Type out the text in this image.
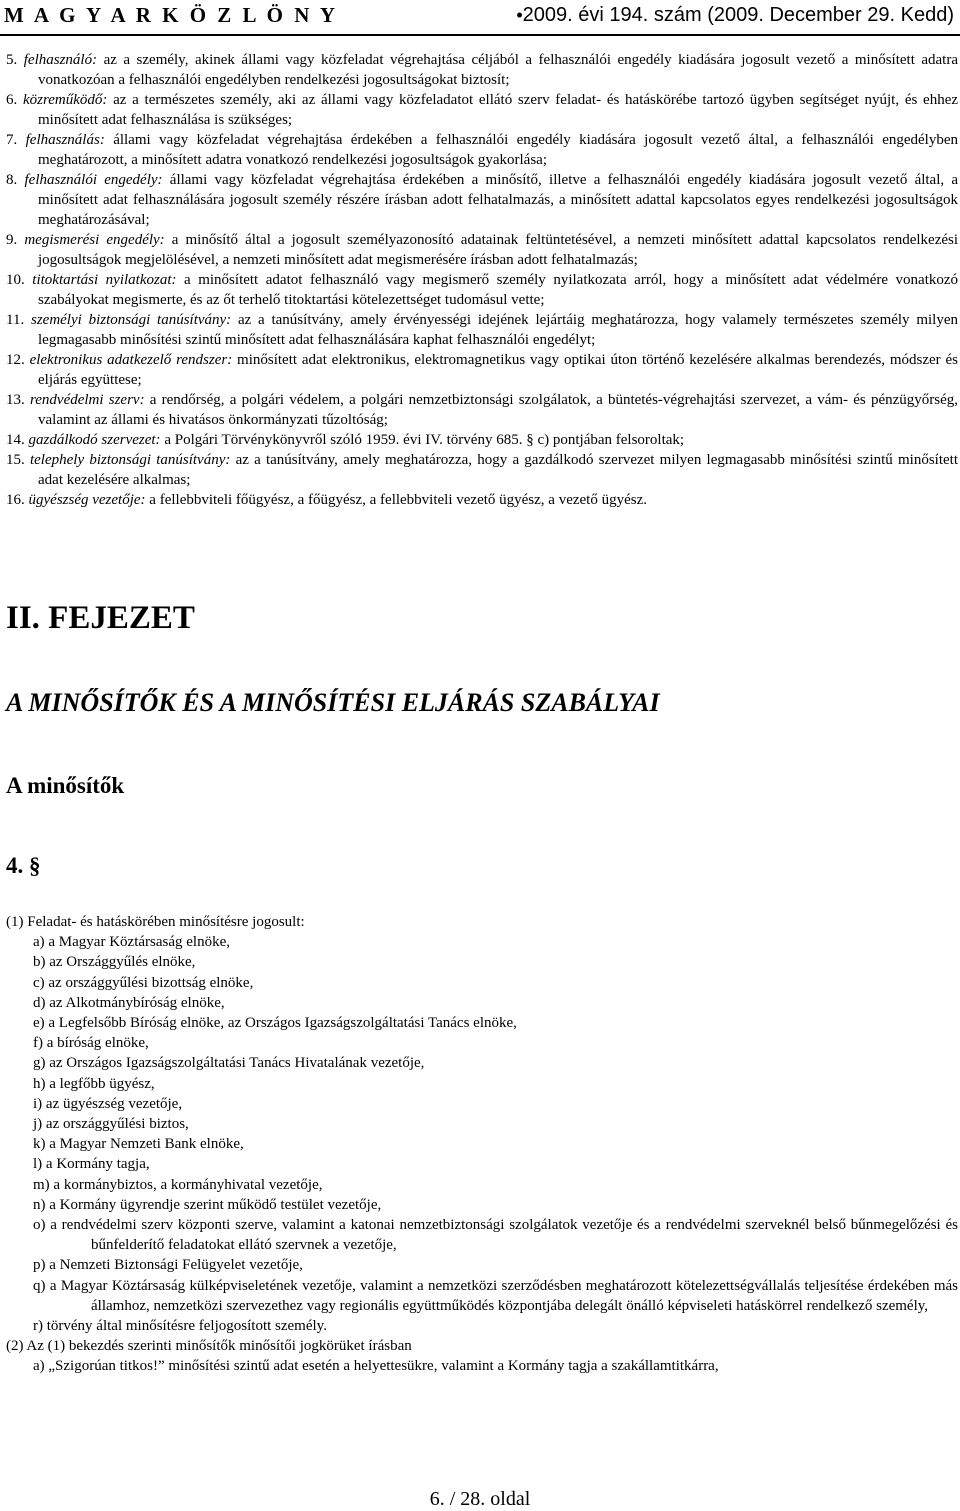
M A G Y A R K Ö Z L Ö N Y	•2009. évi 194. szám (2009. December 29. Kedd)

5. felhasználó: az a személy, akinek állami vagy közfeladat végrehajtása céljából a felhasználói engedély kiadására jogosult vezető a minősített adatra vonatkozóan a felhasználói engedélyben rendelkezési jogosultságokat biztosít;

6. közreműködő: az a természetes személy, aki az állami vagy közfeladatot ellátó szerv feladat- és hatáskörébe tartozó ügyben segítséget nyújt, és ehhez minősített adat felhasználása is szükséges;

7. felhasználás: állami vagy közfeladat végrehajtása érdekében a felhasználói engedély kiadására jogosult vezető által, a felhasználói engedélyben meghatározott, a minősített adatra vonatkozó rendelkezési jogosultságok gyakorlása;

8. felhasználói engedély: állami vagy közfeladat végrehajtása érdekében a minősítő, illetve a felhasználói engedély kiadására jogosult vezető által, a minősített adat felhasználására jogosult személy részére írásban adott felhatalmazás, a minősített adattal kapcsolatos egyes rendelkezési jogosultságok meghatározásával;

9. megismerési engedély: a minősítő által a jogosult személyazonosító adatainak feltüntetésével, a nemzeti minősített adattal kapcsolatos rendelkezési jogosultságok megjelölésével, a nemzeti minősített adat megismerésére írásban adott felhatalmazás;

10. titoktartási nyilatkozat: a minősített adatot felhasználó vagy megismerő személy nyilatkozata arról, hogy a minősített adat védelmére vonatkozó szabályokat megismerte, és az őt terhelő titoktartási kötelezettséget tudomásul vette;

11. személyi biztonsági tanúsítvány: az a tanúsítvány, amely érvényességi idejének lejártáig meghatározza, hogy valamely természetes személy milyen legmagasabb minősítési szintű minősített adat felhasználására kaphat felhasználói engedélyt;

12. elektronikus adatkezelő rendszer: minősített adat elektronikus, elektromagnetikus vagy optikai úton történő kezelésére alkalmas berendezés, módszer és eljárás együttese;

13. rendvédelmi szerv: a rendőrség, a polgári védelem, a polgári nemzetbiztonsági szolgálatok, a büntetés-végrehajtási szervezet, a vám- és pénzügyőrség, valamint az állami és hivatásos önkormányzati tűzoltóság;

14. gazdálkodó szervezet: a Polgári Törvénykönyvről szóló 1959. évi IV. törvény 685. § c) pontjában felsoroltak;

15. telephely biztonsági tanúsítvány: az a tanúsítvány, amely meghatározza, hogy a gazdálkodó szervezet milyen legmagasabb minősítési szintű minősített adat kezelésére alkalmas;

16. ügyészség vezetője: a fellebbviteli főügyész, a főügyész, a fellebbviteli vezető ügyész, a vezető ügyész.

II. FEJEZET
A MINŐSÍTŐK ÉS A MINŐSÍTÉSI ELJÁRÁS SZABÁLYAI
A minősítők
4. §

(1) Feladat- és hatáskörében minősítésre jogosult:

a) a Magyar Köztársaság elnöke,

b) az Országgyűlés elnöke,

c) az országgyűlési bizottság elnöke,

d) az Alkotmánybíróság elnöke,

e) a Legfelsőbb Bíróság elnöke, az Országos Igazságszolgáltatási Tanács elnöke,

f) a bíróság elnöke,

g) az Országos Igazságszolgáltatási Tanács Hivatalának vezetője,

h) a legfőbb ügyész,

i) az ügyészség vezetője,

j) az országgyűlési biztos,

k) a Magyar Nemzeti Bank elnöke,

l) a Kormány tagja,

m) a kormánybiztos, a kormányhivatal vezetője,

n) a Kormány ügyrendje szerint működő testület vezetője,

o) a rendvédelmi szerv központi szerve, valamint a katonai nemzetbiztonsági szolgálatok vezetője és a rendvédelmi szerveknél belső bűnmegelőzési és bűnfelderítő feladatokat ellátó szervnek a vezetője,

p) a Nemzeti Biztonsági Felügyelet vezetője,

q) a Magyar Köztársaság külképviseletének vezetője, valamint a nemzetközi szerződésben meghatározott kötelezettségvállalás teljesítése érdekében más államhoz, nemzetközi szervezethez vagy regionális együttműködés központjába delegált önálló képviseleti hatáskörrel rendelkező személy,

r) törvény által minősítésre feljogosított személy.

(2) Az (1) bekezdés szerinti minősítők minősítői jogkörüket írásban

a) „Szigorúan titkos!” minősítési szintű adat esetén a helyettesükre, valamint a Kormány tagja a szakállamtitkárra,

6. / 28. oldal
